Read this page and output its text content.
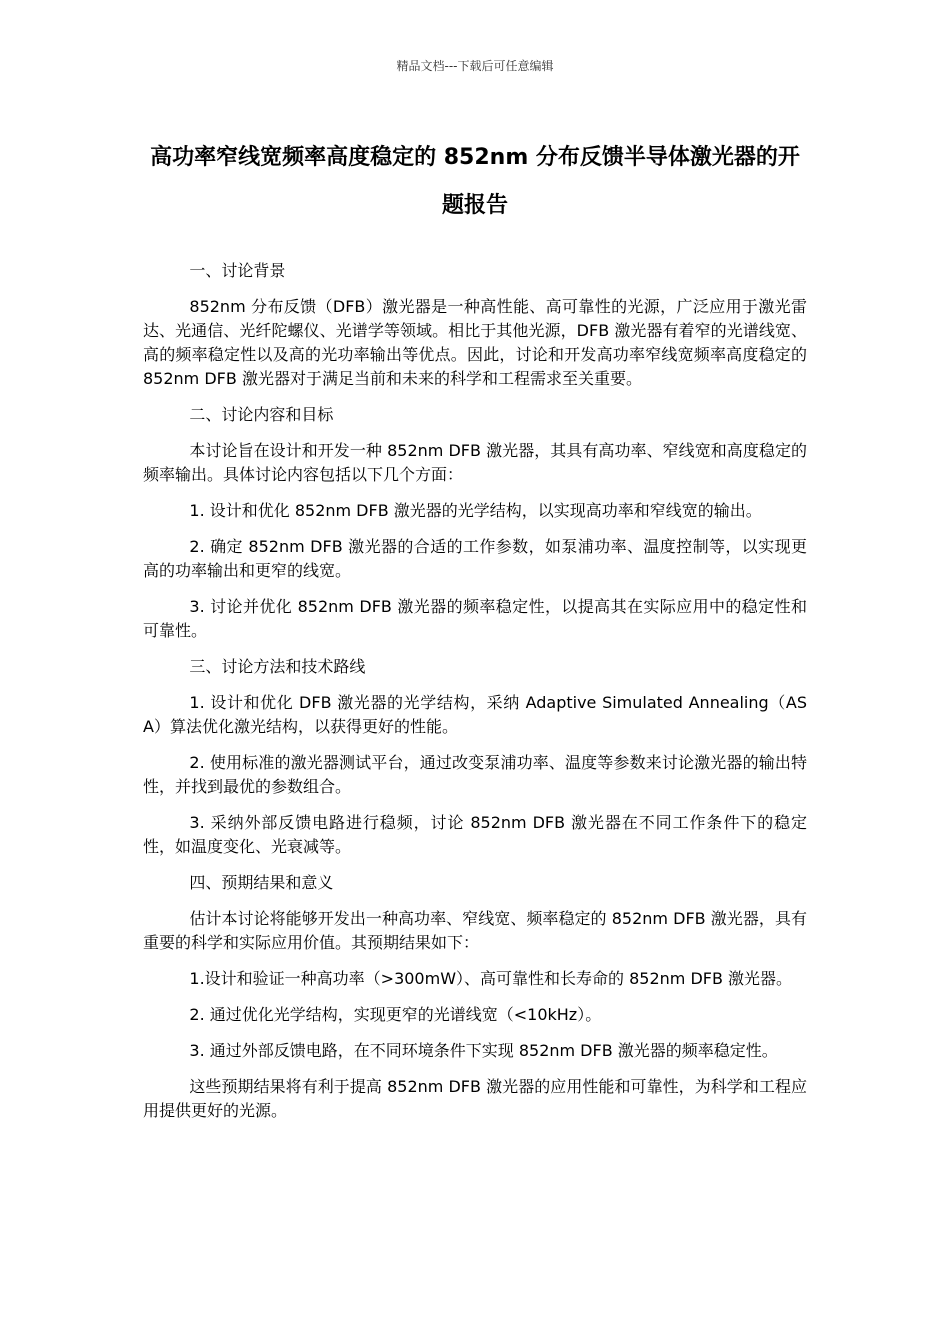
精品文档---下载后可任意编辑
高功率窄线宽频率高度稳定的 852nm 分布反馈半导体激光器的开题报告

一、讨论背景

852nm 分布反馈（DFB）激光器是一种高性能、高可靠性的光源，广泛应用于激光雷达、光通信、光纤陀螺仪、光谱学等领域。相比于其他光源，DFB 激光器有着窄的光谱线宽、高的频率稳定性以及高的光功率输出等优点。因此，讨论和开发高功率窄线宽频率高度稳定的 852nm DFB 激光器对于满足当前和未来的科学和工程需求至关重要。

二、讨论内容和目标

本讨论旨在设计和开发一种 852nm DFB 激光器，其具有高功率、窄线宽和高度稳定的频率输出。具体讨论内容包括以下几个方面：

1. 设计和优化 852nm DFB 激光器的光学结构，以实现高功率和窄线宽的输出。

2. 确定 852nm DFB 激光器的合适的工作参数，如泵浦功率、温度控制等，以实现更高的功率输出和更窄的线宽。

3. 讨论并优化 852nm DFB 激光器的频率稳定性，以提高其在实际应用中的稳定性和可靠性。

三、讨论方法和技术路线

1. 设计和优化 DFB 激光器的光学结构，采纳 Adaptive Simulated Annealing（ASA）算法优化激光结构，以获得更好的性能。

2. 使用标准的激光器测试平台，通过改变泵浦功率、温度等参数来讨论激光器的输出特性，并找到最优的参数组合。

3. 采纳外部反馈电路进行稳频，讨论 852nm DFB 激光器在不同工作条件下的稳定性，如温度变化、光衰减等。

四、预期结果和意义

估计本讨论将能够开发出一种高功率、窄线宽、频率稳定的 852nm DFB 激光器，具有重要的科学和实际应用价值。其预期结果如下：

1.设计和验证一种高功率（>300mW）、高可靠性和长寿命的 852nm DFB 激光器。

2. 通过优化光学结构，实现更窄的光谱线宽（<10kHz）。

3. 通过外部反馈电路，在不同环境条件下实现 852nm DFB 激光器的频率稳定性。

这些预期结果将有利于提高 852nm DFB 激光器的应用性能和可靠性，为科学和工程应用提供更好的光源。
